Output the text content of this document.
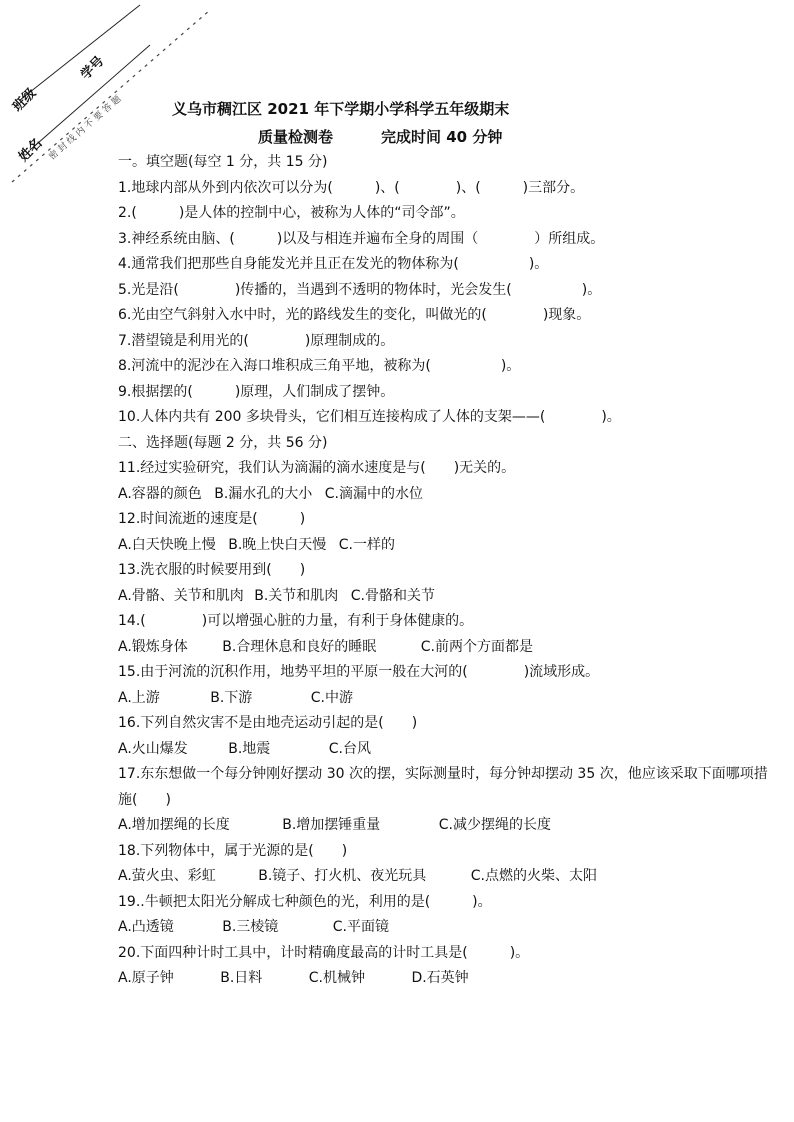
班级
学号
姓名 密 封 线 内 不 要 答 题	义乌市稠江区 2021 年下学期小学科学五年级期末
质量检测卷	完成时间 40 分钟
一。填空题(每空 1 分，共 15 分)
1.地球内部从外到内依次可以分为(　　　)、(　　　　)、(　　　)三部分。
2.(　　　)是人体的控制中心，被称为人体的“司令部”。
3.神经系统由脑、(　　　)以及与相连并遍布全身的周围（　　　　）所组成。
4.通常我们把那些自身能发光并且正在发光的物体称为(　　　　　)。
5.光是沿(　　　　)传播的，当遇到不透明的物体时，光会发生(　　　　　)。
6.光由空气斜射入水中时，光的路线发生的变化，叫做光的(　　　　)现象。
7.潜望镜是利用光的(　　　　)原理制成的。
8.河流中的泥沙在入海口堆积成三角平地，被称为(　　　　　)。
9.根据摆的(　　　)原理，人们制成了摆钟。
10.人体内共有 200 多块骨头，它们相互连接构成了人体的支架——(　　　　)。
二、选择题(每题 2 分，共 56 分)
11.经过实验研究，我们认为滴漏的滴水速度是与(　　)无关的。
A.容器的颜色 B.漏水孔的大小 C.滴漏中的水位
12.时间流逝的速度是(　　　)
A.白天快晚上慢 B.晚上快白天慢 C.一样的
13.洗衣服的时候要用到(　　)
A.骨骼、关节和肌肉 B.关节和肌肉 C.骨骼和关节
14.(　　　　)可以增强心脏的力量，有利于身体健康的。
A.锻炼身体 B.合理休息和良好的睡眠	C.前两个方面都是
15.由于河流的沉积作用，地势平坦的平原一般在大河的(　　　　)流域形成。
A.上游	B.下游	C.中游
16.下列自然灾害不是由地壳运动引起的是(　　)
A.火山爆发	B.地震	C.台风
17.东东想做一个每分钟刚好摆动 30 次的摆，实际测量时，每分钟却摆动 35 次，他应该采取下面哪项措施(　　)
A.增加摆绳的长度	B.增加摆锤重量	C.减少摆绳的长度
18.下列物体中，属于光源的是(　　)
A.萤火虫、彩虹	B.镜子、打火机、夜光玩具	C.点燃的火柴、太阳
19..牛顿把太阳光分解成七种颜色的光，利用的是(　　　)。
A.凸透镜	B.三棱镜	C.平面镜
20.下面四种计时工具中，计时精确度最高的计时工具是(　　　)。
A.原子钟	B.日料	C.机械钟	D.石英钟
